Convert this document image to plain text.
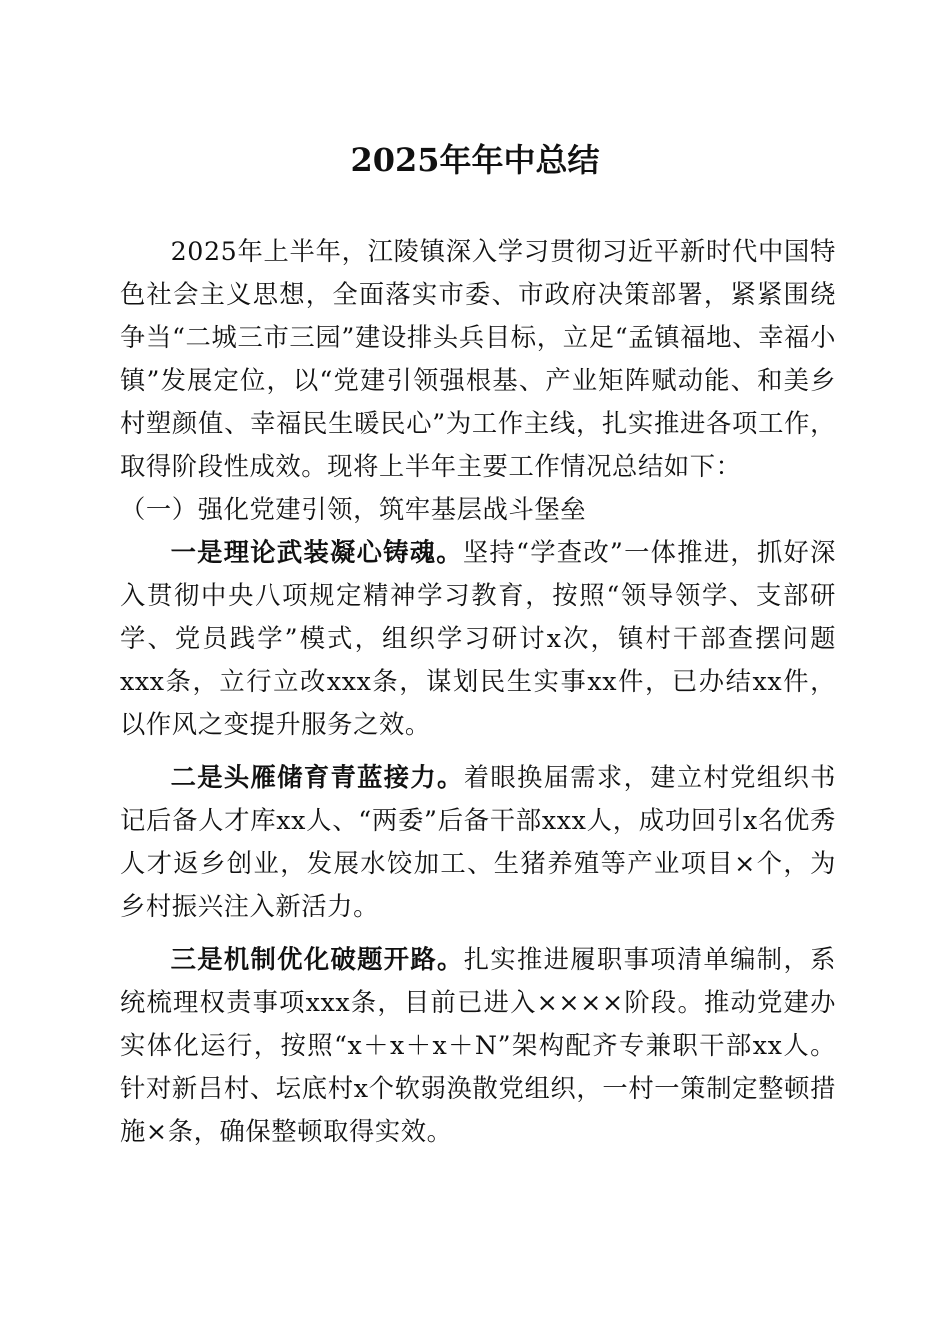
2025年年中总结

2025年上半年，江陵镇深入学习贯彻习近平新时代中国特色社会主义思想，全面落实市委、市政府决策部署，紧紧围绕争当“二城三市三园”建设排头兵目标，立足“孟镇福地、幸福小镇”发展定位，以“党建引领强根基、产业矩阵赋动能、和美乡村塑颜值、幸福民生暖民心”为工作主线，扎实推进各项工作，取得阶段性成效。现将上半年主要工作情况总结如下：

（一）强化党建引领，筑牢基层战斗堡垒

一是理论武装凝心铸魂。坚持“学查改”一体推进，抓好深入贯彻中央八项规定精神学习教育，按照“领导领学、支部研学、党员践学”模式，组织学习研讨x次，镇村干部查摆问题xxx条，立行立改xxx条，谋划民生实事xx件，已办结xx件，以作风之变提升服务之效。

二是头雁储育青蓝接力。着眼换届需求，建立村党组织书记后备人才库xx人、“两委”后备干部xxx人，成功回引x名优秀人才返乡创业，发展水饺加工、生猪养殖等产业项目×个，为乡村振兴注入新活力。

三是机制优化破题开路。扎实推进履职事项清单编制，系统梳理权责事项xxx条，目前已进入××××阶段。推动党建办实体化运行，按照“x＋x＋x＋N”架构配齐专兼职干部xx人。针对新吕村、坛底村x个软弱涣散党组织，一村一策制定整顿措施×条，确保整顿取得实效。
